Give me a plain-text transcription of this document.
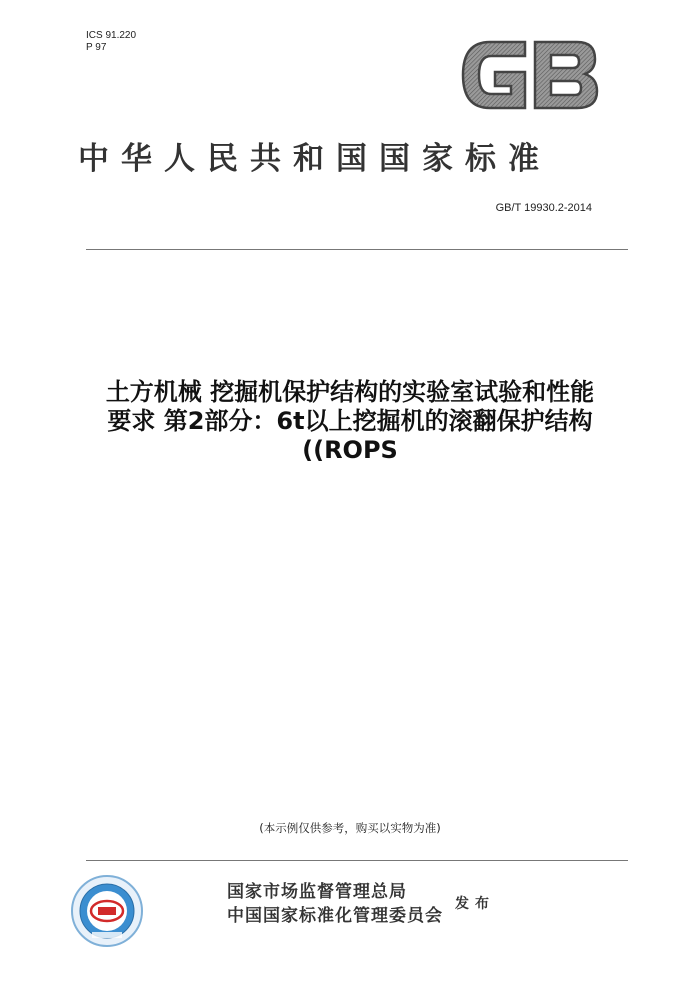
ICS 91.220
P 97
中华人民共和国国家标准
GB/T 19930.2-2014
土方机械 挖掘机保护结构的实验室试验和性能
要求 第2部分：6t以上挖掘机的滚翻保护结构
((ROPS
(本示例仅供参考，购买以实物为准)
国家市场监督管理总局
中国国家标准化管理委员会
发布
